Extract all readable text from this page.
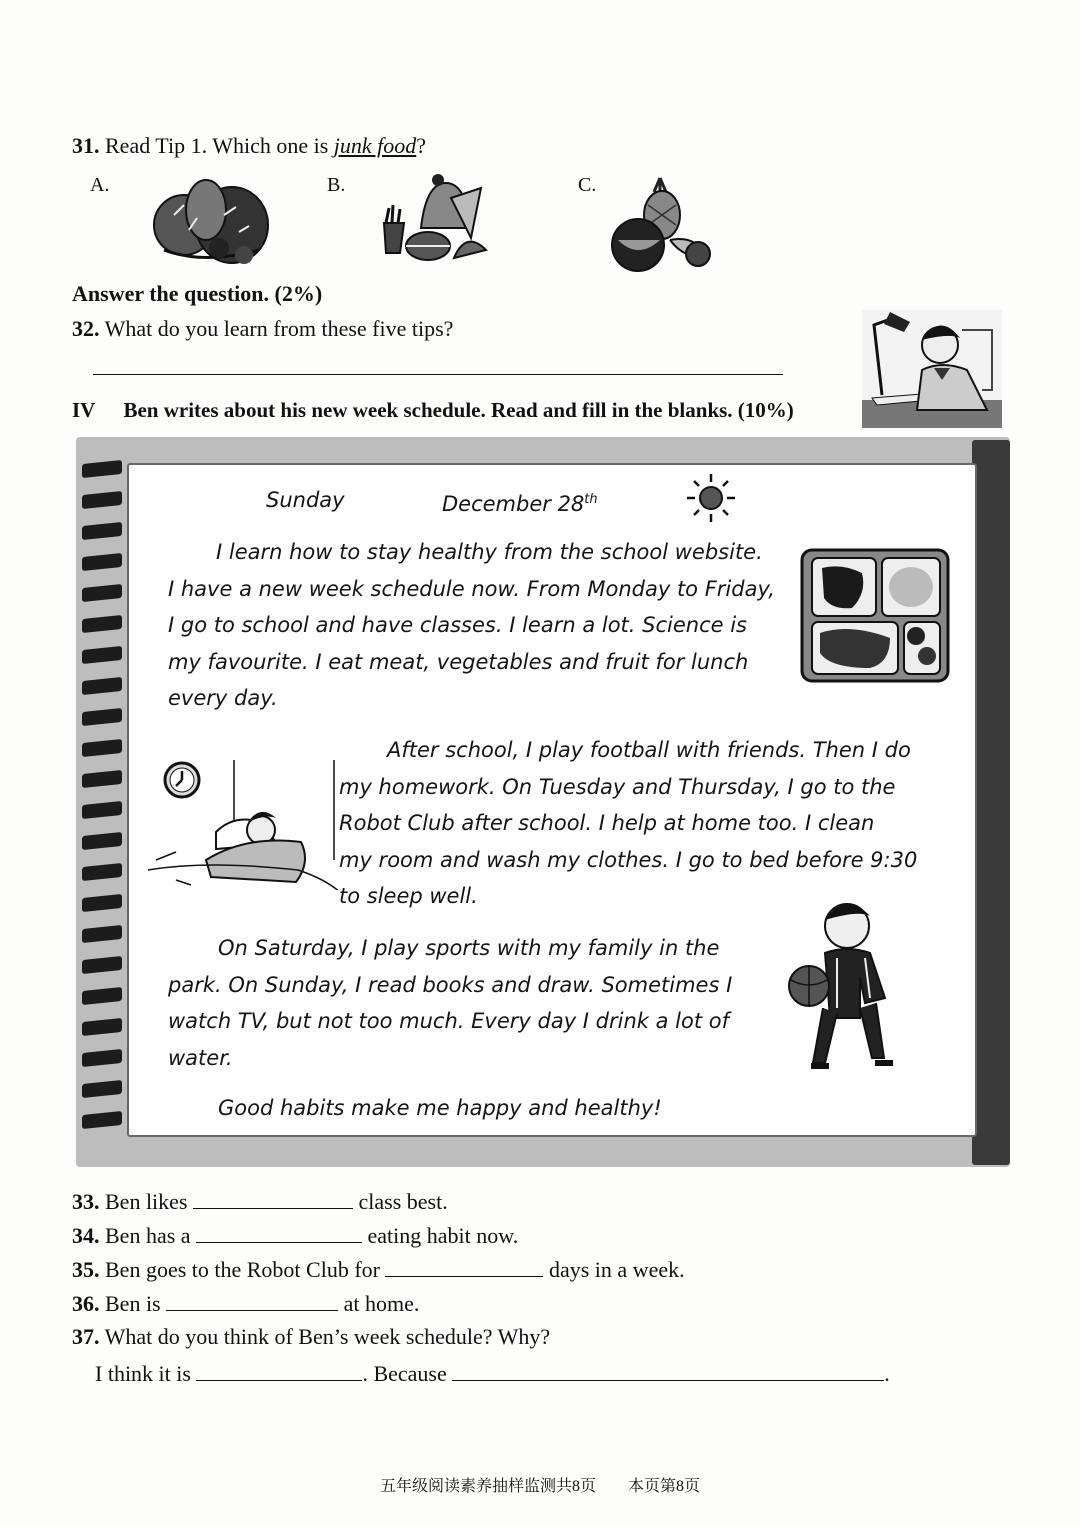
31. Read Tip 1. Which one is junk food?
A.	B.	C.
Answer the question. (2%)
32. What do you learn from these five tips?
IV Ben writes about his new week schedule. Read and fill in the blanks. (10%)
Sunday	December 28th
I learn how to stay healthy from the school website.
I have a new week schedule now. From Monday to Friday,
I go to school and have classes. I learn a lot. Science is
my favourite. I eat meat, vegetables and fruit for lunch
every day.
After school, I play football with friends. Then I do
my homework. On Tuesday and Thursday, I go to the
Robot Club after school. I help at home too. I clean
my room and wash my clothes. I go to bed before 9:30
to sleep well.
On Saturday, I play sports with my family in the
park. On Sunday, I read books and draw. Sometimes I
watch TV, but not too much. Every day I drink a lot of
water.
Good habits make me happy and healthy!
33. Ben likes	class best.
34. Ben has a	eating habit now.
35. Ben goes to the Robot Club for	days in a week.
36. Ben is	at home.
37. What do you think of Ben’s week schedule? Why?
I think it is	. Because	.
五年级阅读素养抽样监测共8页　　本页第8页
